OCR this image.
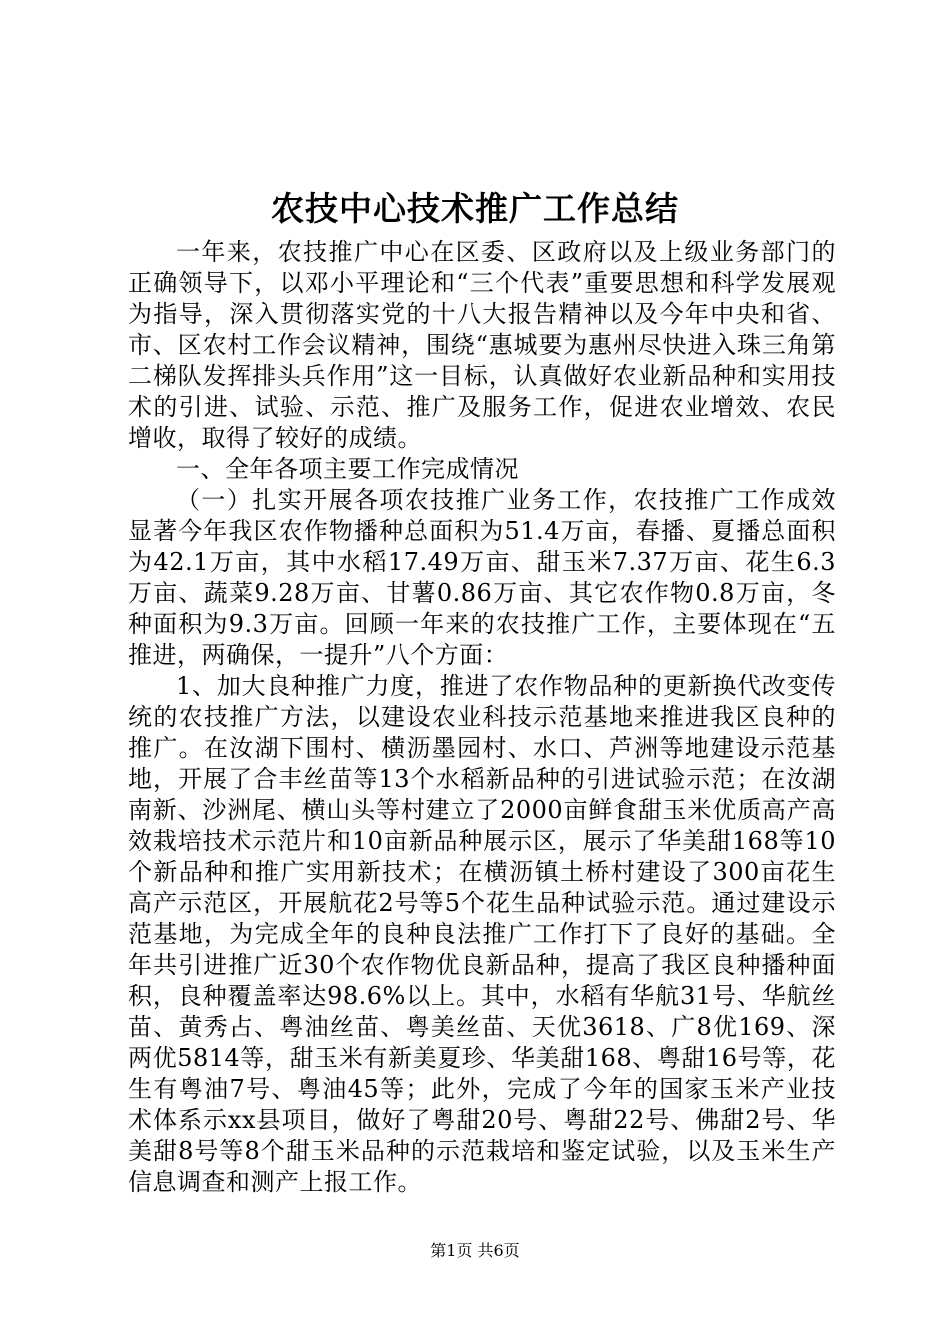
农技中心技术推广工作总结

一年来，农技推广中心在区委、区政府以及上级业务部门的正确领导下，以邓小平理论和“三个代表”重要思想和科学发展观为指导，深入贯彻落实党的十八大报告精神以及今年中央和省、市、区农村工作会议精神，围绕“惠城要为惠州尽快进入珠三角第二梯队发挥排头兵作用”这一目标，认真做好农业新品种和实用技术的引进、试验、示范、推广及服务工作，促进农业增效、农民增收，取得了较好的成绩。

一、全年各项主要工作完成情况

（一）扎实开展各项农技推广业务工作，农技推广工作成效显著今年我区农作物播种总面积为51.4万亩，春播、夏播总面积为42.1万亩，其中水稻17.49万亩、甜玉米7.37万亩、花生6.3万亩、蔬菜9.28万亩、甘薯0.86万亩、其它农作物0.8万亩，冬种面积为9.3万亩。回顾一年来的农技推广工作，主要体现在“五推进，两确保，一提升”八个方面：

1、加大良种推广力度，推进了农作物品种的更新换代改变传统的农技推广方法，以建设农业科技示范基地来推进我区良种的推广。在汝湖下围村、横沥墨园村、水口、芦洲等地建设示范基地，开展了合丰丝苗等13个水稻新品种的引进试验示范；在汝湖南新、沙洲尾、横山头等村建立了2000亩鲜食甜玉米优质高产高效栽培技术示范片和10亩新品种展示区，展示了华美甜168等10个新品种和推广实用新技术；在横沥镇土桥村建设了300亩花生高产示范区，开展航花2号等5个花生品种试验示范。通过建设示范基地，为完成全年的良种良法推广工作打下了良好的基础。全年共引进推广近30个农作物优良新品种，提高了我区良种播种面积，良种覆盖率达98.6%以上。其中，水稻有华航31号、华航丝苗、黄秀占、粤油丝苗、粤美丝苗、天优3618、广8优169、深两优5814等，甜玉米有新美夏珍、华美甜168、粤甜16号等，花生有粤油7号、粤油45等；此外，完成了今年的国家玉米产业技术体系示xx县项目，做好了粤甜20号、粤甜22号、佛甜2号、华美甜8号等8个甜玉米品种的示范栽培和鉴定试验，以及玉米生产信息调查和测产上报工作。

第1页 共6页
